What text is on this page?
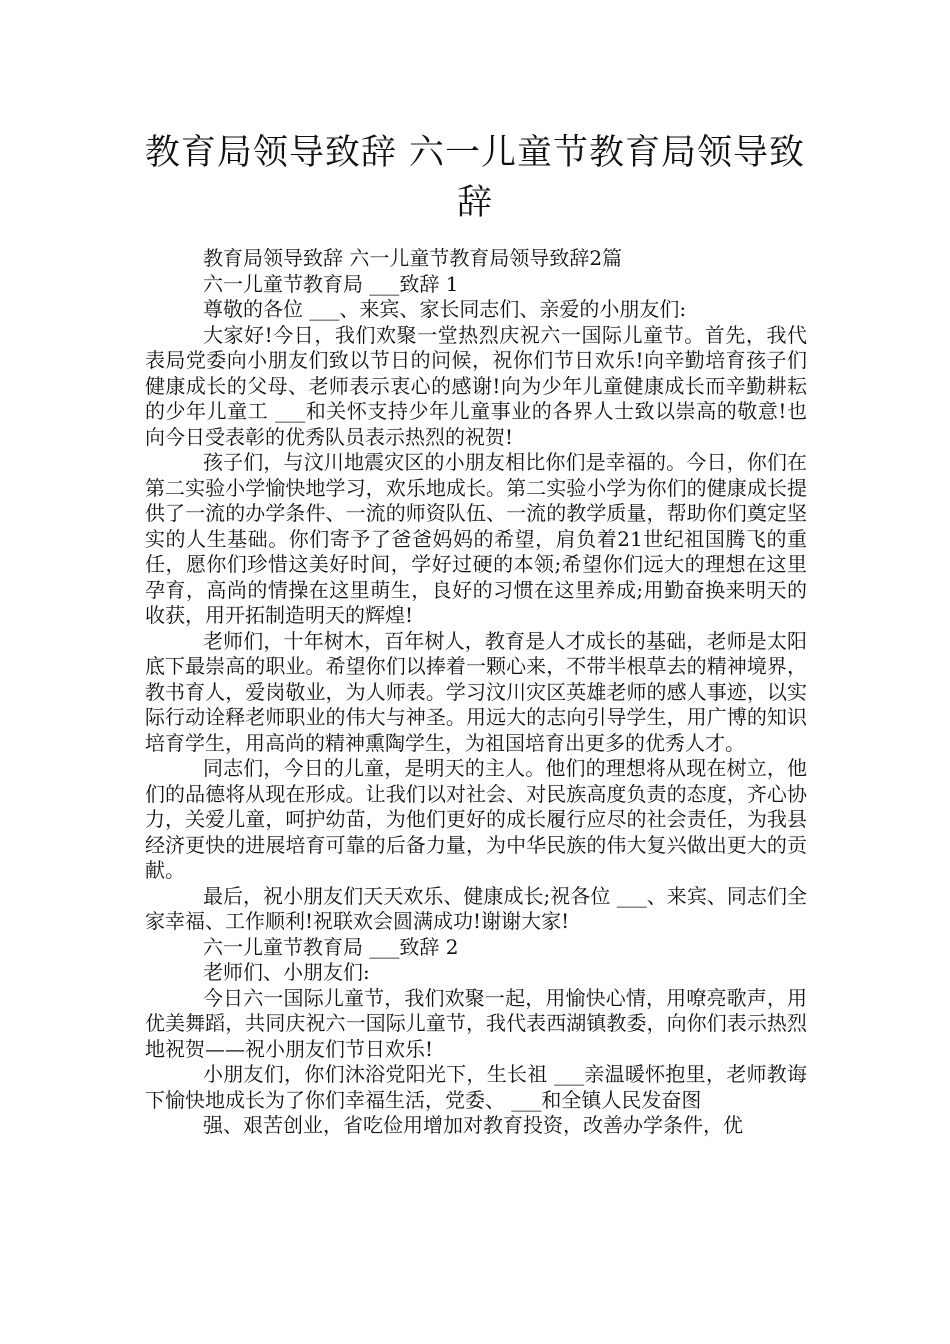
教育局领导致辞 六一儿童节教育局领导致辞

教育局领导致辞 六一儿童节教育局领导致辞2篇

六一儿童节教育局 ___致辞 1

尊敬的各位 ___、来宾、家长同志们、亲爱的小朋友们:

大家好!今日，我们欢聚一堂热烈庆祝六一国际儿童节。首先，我代表局党委向小朋友们致以节日的问候，祝你们节日欢乐!向辛勤培育孩子们健康成长的父母、老师表示衷心的感谢!向为少年儿童健康成长而辛勤耕耘的少年儿童工 ___和关怀支持少年儿童事业的各界人士致以崇高的敬意!也向今日受表彰的优秀队员表示热烈的祝贺!

孩子们，与汶川地震灾区的小朋友相比你们是幸福的。今日，你们在第二实验小学愉快地学习，欢乐地成长。第二实验小学为你们的健康成长提供了一流的办学条件、一流的师资队伍、一流的教学质量，帮助你们奠定坚实的人生基础。你们寄予了爸爸妈妈的希望，肩负着21世纪祖国腾飞的重任，愿你们珍惜这美好时间，学好过硬的本领;希望你们远大的理想在这里孕育，高尚的情操在这里萌生，良好的习惯在这里养成;用勤奋换来明天的收获，用开拓制造明天的辉煌!

老师们，十年树木，百年树人，教育是人才成长的基础，老师是太阳底下最崇高的职业。希望你们以捧着一颗心来，不带半根草去的精神境界，教书育人，爱岗敬业，为人师表。学习汶川灾区英雄老师的感人事迹，以实际行动诠释老师职业的伟大与神圣。用远大的志向引导学生，用广博的知识培育学生，用高尚的精神熏陶学生，为祖国培育出更多的优秀人才。

同志们，今日的儿童，是明天的主人。他们的理想将从现在树立，他们的品德将从现在形成。让我们以对社会、对民族高度负责的态度，齐心协力，关爱儿童，呵护幼苗，为他们更好的成长履行应尽的社会责任，为我县经济更快的进展培育可靠的后备力量，为中华民族的伟大复兴做出更大的贡献。

最后，祝小朋友们天天欢乐、健康成长;祝各位 ___、来宾、同志们全家幸福、工作顺利!祝联欢会圆满成功!谢谢大家!

六一儿童节教育局 ___致辞 2

老师们、小朋友们:

今日六一国际儿童节，我们欢聚一起，用愉快心情，用嘹亮歌声，用优美舞蹈，共同庆祝六一国际儿童节，我代表西湖镇教委，向你们表示热烈地祝贺——祝小朋友们节日欢乐!

小朋友们，你们沐浴党阳光下，生长祖 ___亲温暖怀抱里，老师教诲下愉快地成长为了你们幸福生活，党委、 ___和全镇人民发奋图

强、艰苦创业，省吃俭用增加对教育投资，改善办学条件，优
